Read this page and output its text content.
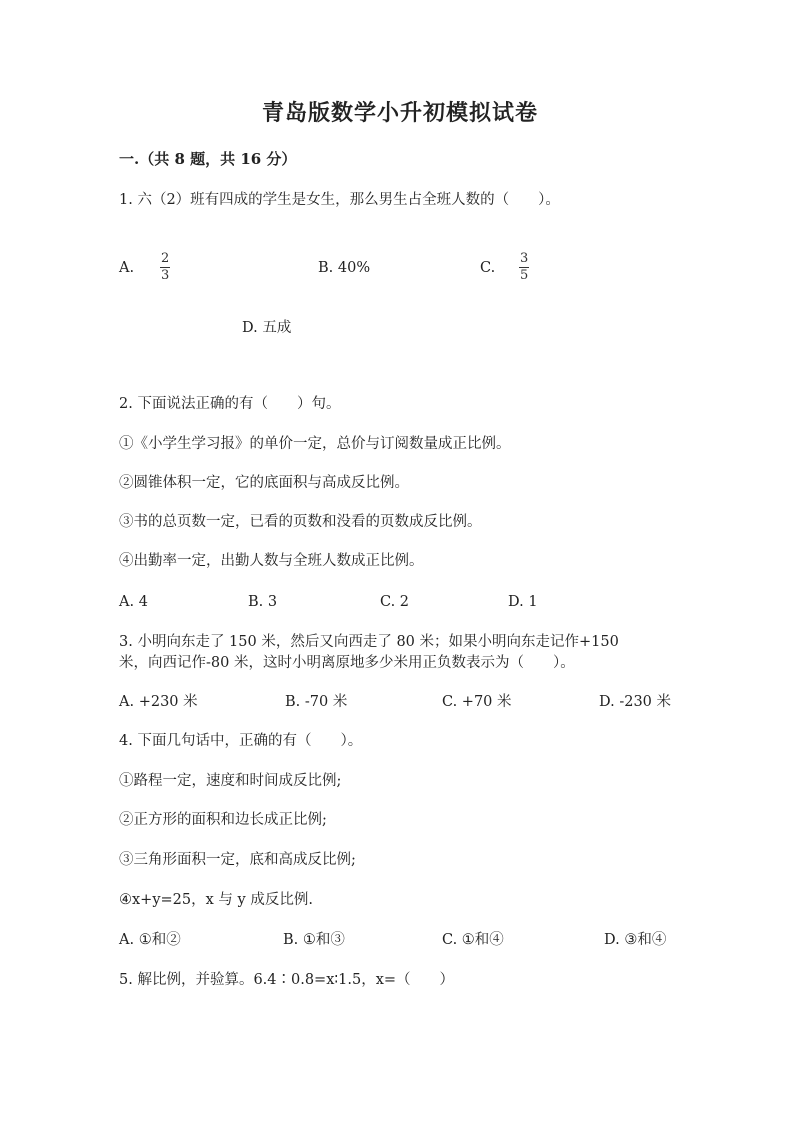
青岛版数学小升初模拟试卷
一.（共 8 题，共 16 分）
1. 六（2）班有四成的学生是女生，那么男生占全班人数的（　　）。
A.
2
3	B. 40%	C.
3
5
D. 五成
2. 下面说法正确的有（　　）句。
①《小学生学习报》的单价一定，总价与订阅数量成正比例。
②圆锥体积一定，它的底面积与高成反比例。
③书的总页数一定，已看的页数和没看的页数成反比例。
④出勤率一定，出勤人数与全班人数成正比例。
A. 4	B. 3	C. 2	D. 1
3. 小明向东走了 150 米，然后又向西走了 80 米；如果小明向东走记作+150
米，向西记作-80 米，这时小明离原地多少米用正负数表示为（　　）。
A. +230 米	B. -70 米	C. +70 米	D. -230 米
4. 下面几句话中，正确的有（　　）。
①路程一定，速度和时间成反比例;
②正方形的面积和边长成正比例;
③三角形面积一定，底和高成反比例;
④x+y=25，x 与 y 成反比例.
A. ①和②	B. ①和③	C. ①和④	D. ③和④
5. 解比例，并验算。6.4∶0.8=x∶1.5，x=（　　）
